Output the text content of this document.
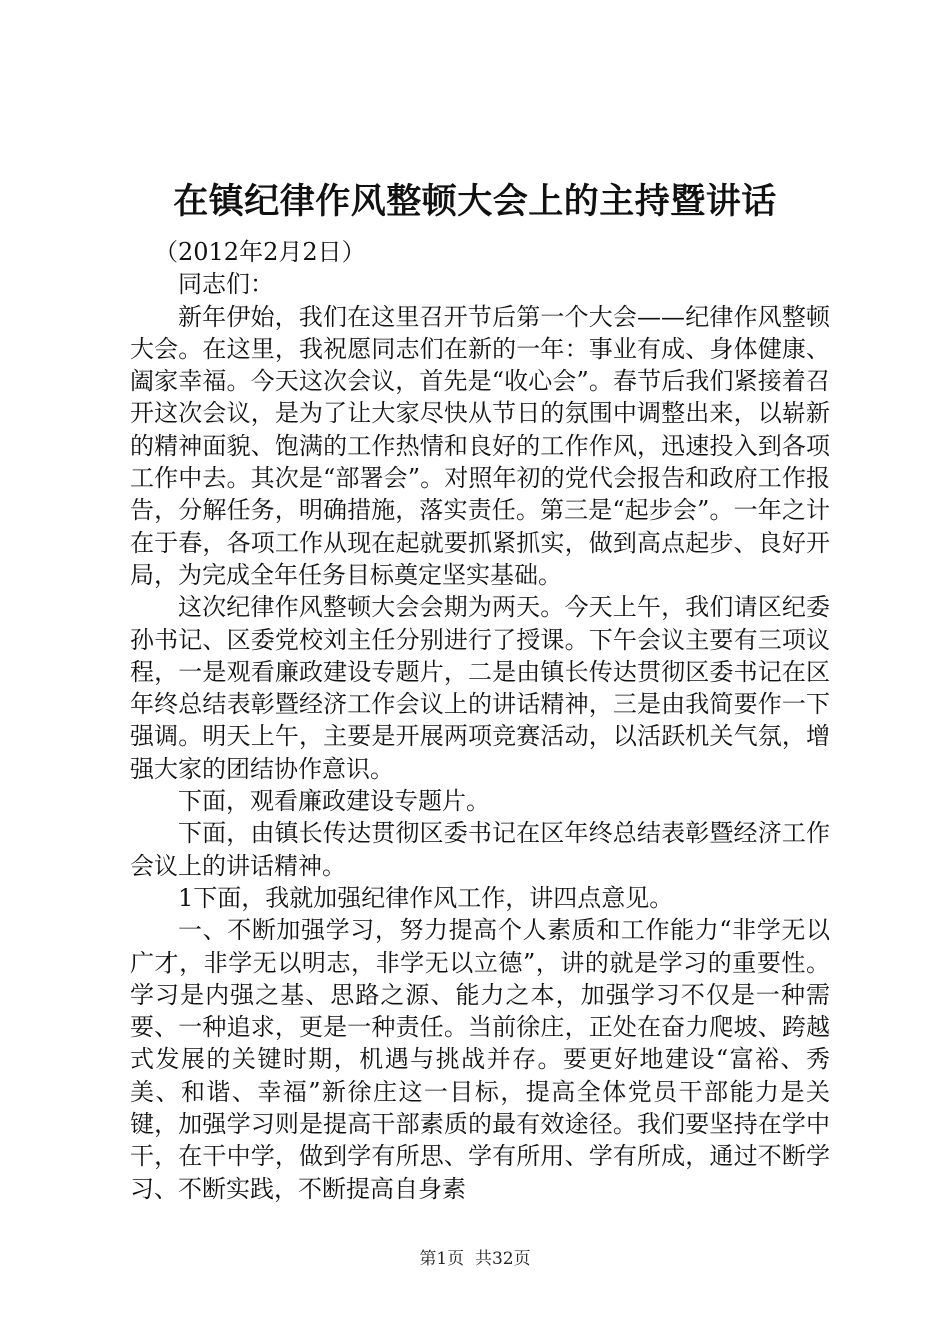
在镇纪律作风整顿大会上的主持暨讲话

（2012年2月2日）

同志们：

新年伊始，我们在这里召开节后第一个大会——纪律作风整顿大会。在这里，我祝愿同志们在新的一年：事业有成、身体健康、阖家幸福。今天这次会议，首先是“收心会”。春节后我们紧接着召开这次会议，是为了让大家尽快从节日的氛围中调整出来，以崭新的精神面貌、饱满的工作热情和良好的工作作风，迅速投入到各项工作中去。其次是“部署会”。对照年初的党代会报告和政府工作报告，分解任务，明确措施，落实责任。第三是“起步会”。一年之计在于春，各项工作从现在起就要抓紧抓实，做到高点起步、良好开局，为完成全年任务目标奠定坚实基础。

这次纪律作风整顿大会会期为两天。今天上午，我们请区纪委孙书记、区委党校刘主任分别进行了授课。下午会议主要有三项议程，一是观看廉政建设专题片，二是由镇长传达贯彻区委书记在区年终总结表彰暨经济工作会议上的讲话精神，三是由我简要作一下强调。明天上午，主要是开展两项竞赛活动，以活跃机关气氛，增强大家的团结协作意识。

下面，观看廉政建设专题片。

下面，由镇长传达贯彻区委书记在区年终总结表彰暨经济工作会议上的讲话精神。

1下面，我就加强纪律作风工作，讲四点意见。

一、不断加强学习，努力提高个人素质和工作能力“非学无以广才，非学无以明志，非学无以立德”，讲的就是学习的重要性。学习是内强之基、思路之源、能力之本，加强学习不仅是一种需要、一种追求，更是一种责任。当前徐庄，正处在奋力爬坡、跨越式发展的关键时期，机遇与挑战并存。要更好地建设“富裕、秀美、和谐、幸福”新徐庄这一目标，提高全体党员干部能力是关键，加强学习则是提高干部素质的最有效途径。我们要坚持在学中干，在干中学，做到学有所思、学有所用、学有所成，通过不断学习、不断实践，不断提高自身素

第1页  共32页
